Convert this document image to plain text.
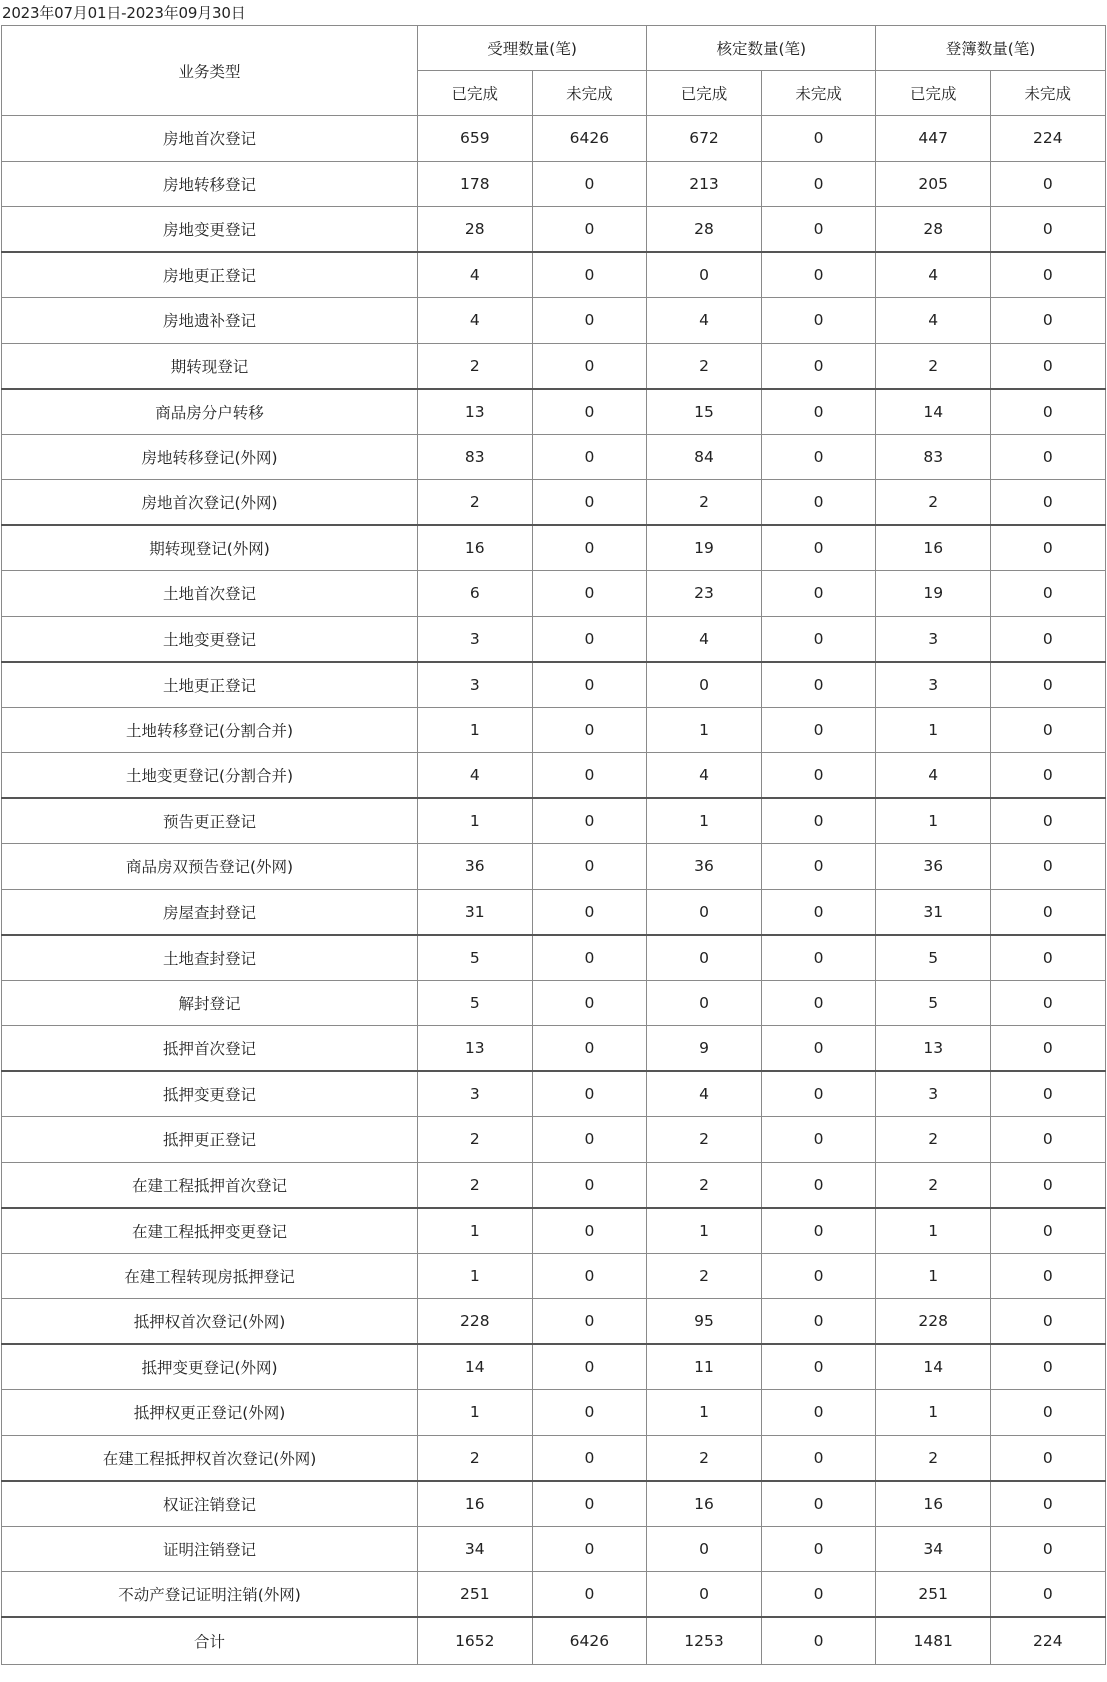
2023年07月01日-2023年09月30日
业务类型	受理数量(笔)		核定数量(笔)		登簿数量(笔)	
	已完成	未完成	已完成	未完成	已完成	未完成
房地首次登记	659	6426	672	0	447	224
房地转移登记	178	0	213	0	205	0
房地变更登记	28	0	28	0	28	0
房地更正登记	4	0	0	0	4	0
房地遗补登记	4	0	4	0	4	0
期转现登记	2	0	2	0	2	0
商品房分户转移	13	0	15	0	14	0
房地转移登记(外网)	83	0	84	0	83	0
房地首次登记(外网)	2	0	2	0	2	0
期转现登记(外网)	16	0	19	0	16	0
土地首次登记	6	0	23	0	19	0
土地变更登记	3	0	4	0	3	0
土地更正登记	3	0	0	0	3	0
土地转移登记(分割合并)	1	0	1	0	1	0
土地变更登记(分割合并)	4	0	4	0	4	0
预告更正登记	1	0	1	0	1	0
商品房双预告登记(外网)	36	0	36	0	36	0
房屋查封登记	31	0	0	0	31	0
土地查封登记	5	0	0	0	5	0
解封登记	5	0	0	0	5	0
抵押首次登记	13	0	9	0	13	0
抵押变更登记	3	0	4	0	3	0
抵押更正登记	2	0	2	0	2	0
在建工程抵押首次登记	2	0	2	0	2	0
在建工程抵押变更登记	1	0	1	0	1	0
在建工程转现房抵押登记	1	0	2	0	1	0
抵押权首次登记(外网)	228	0	95	0	228	0
抵押变更登记(外网)	14	0	11	0	14	0
抵押权更正登记(外网)	1	0	1	0	1	0
在建工程抵押权首次登记(外网)	2	0	2	0	2	0
权证注销登记	16	0	16	0	16	0
证明注销登记	34	0	0	0	34	0
不动产登记证明注销(外网)	251	0	0	0	251	0
合计	1652	6426	1253	0	1481	224
